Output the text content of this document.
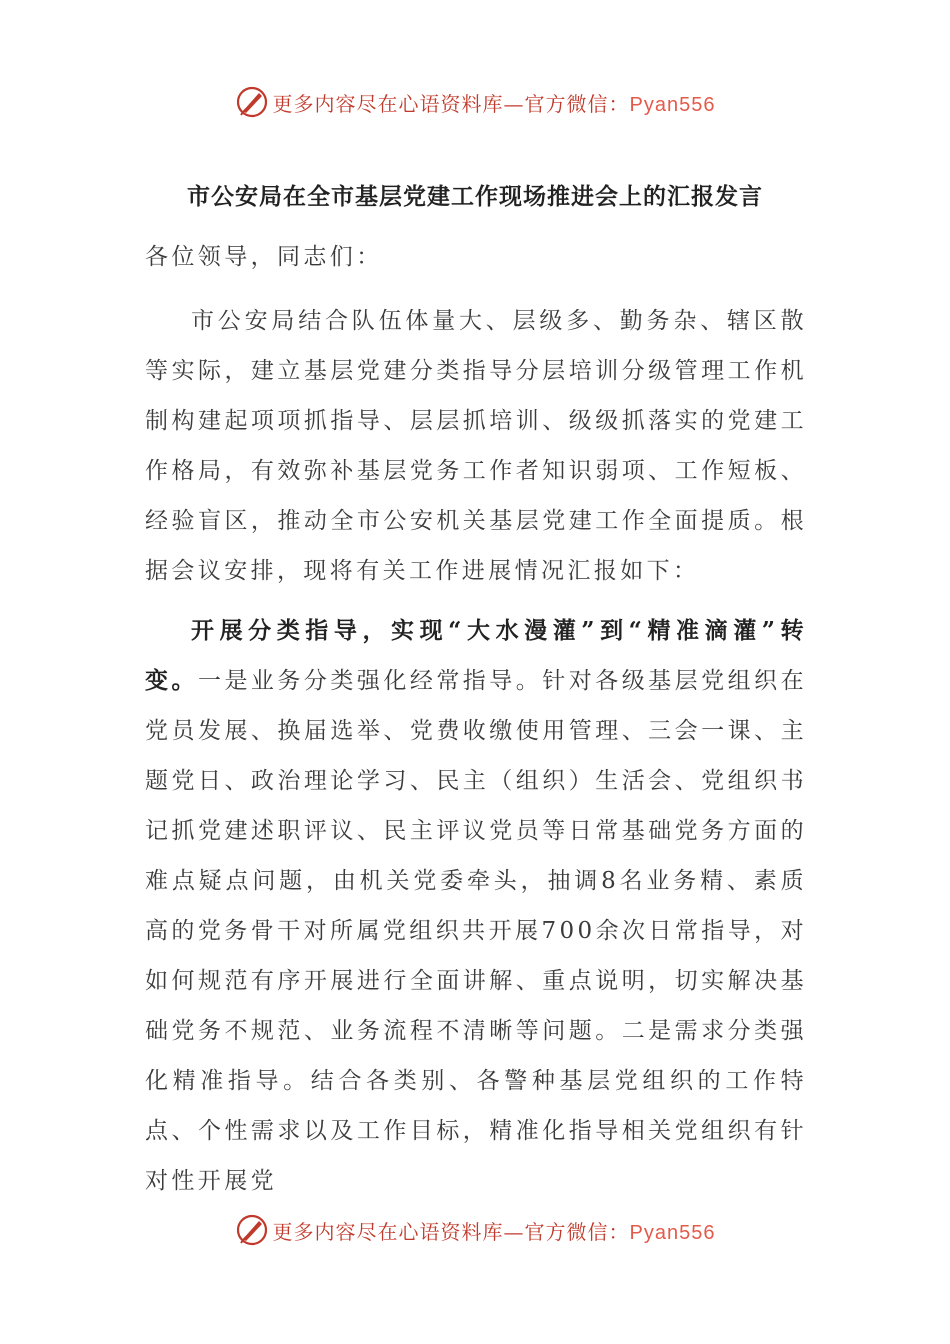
更多内容尽在心语资料库—官方微信：Pyan556
市公安局在全市基层党建工作现场推进会上的汇报发言
各位领导，同志们：
市公安局结合队伍体量大、层级多、勤务杂、辖区散等实际，建立基层党建分类指导分层培训分级管理工作机制构建起项项抓指导、层层抓培训、级级抓落实的党建工作格局，有效弥补基层党务工作者知识弱项、工作短板、经验盲区，推动全市公安机关基层党建工作全面提质。根据会议安排，现将有关工作进展情况汇报如下：
开展分类指导，实现“大水漫灌”到“精准滴灌”转变。一是业务分类强化经常指导。针对各级基层党组织在党员发展、换届选举、党费收缴使用管理、三会一课、主题党日、政治理论学习、民主（组织）生活会、党组织书记抓党建述职评议、民主评议党员等日常基础党务方面的难点疑点问题，由机关党委牵头，抽调8名业务精、素质高的党务骨干对所属党组织共开展700余次日常指导，对如何规范有序开展进行全面讲解、重点说明，切实解决基础党务不规范、业务流程不清晰等问题。二是需求分类强化精准指导。结合各类别、各警种基层党组织的工作特点、个性需求以及工作目标，精准化指导相关党组织有针对性开展党
更多内容尽在心语资料库—官方微信：Pyan556
